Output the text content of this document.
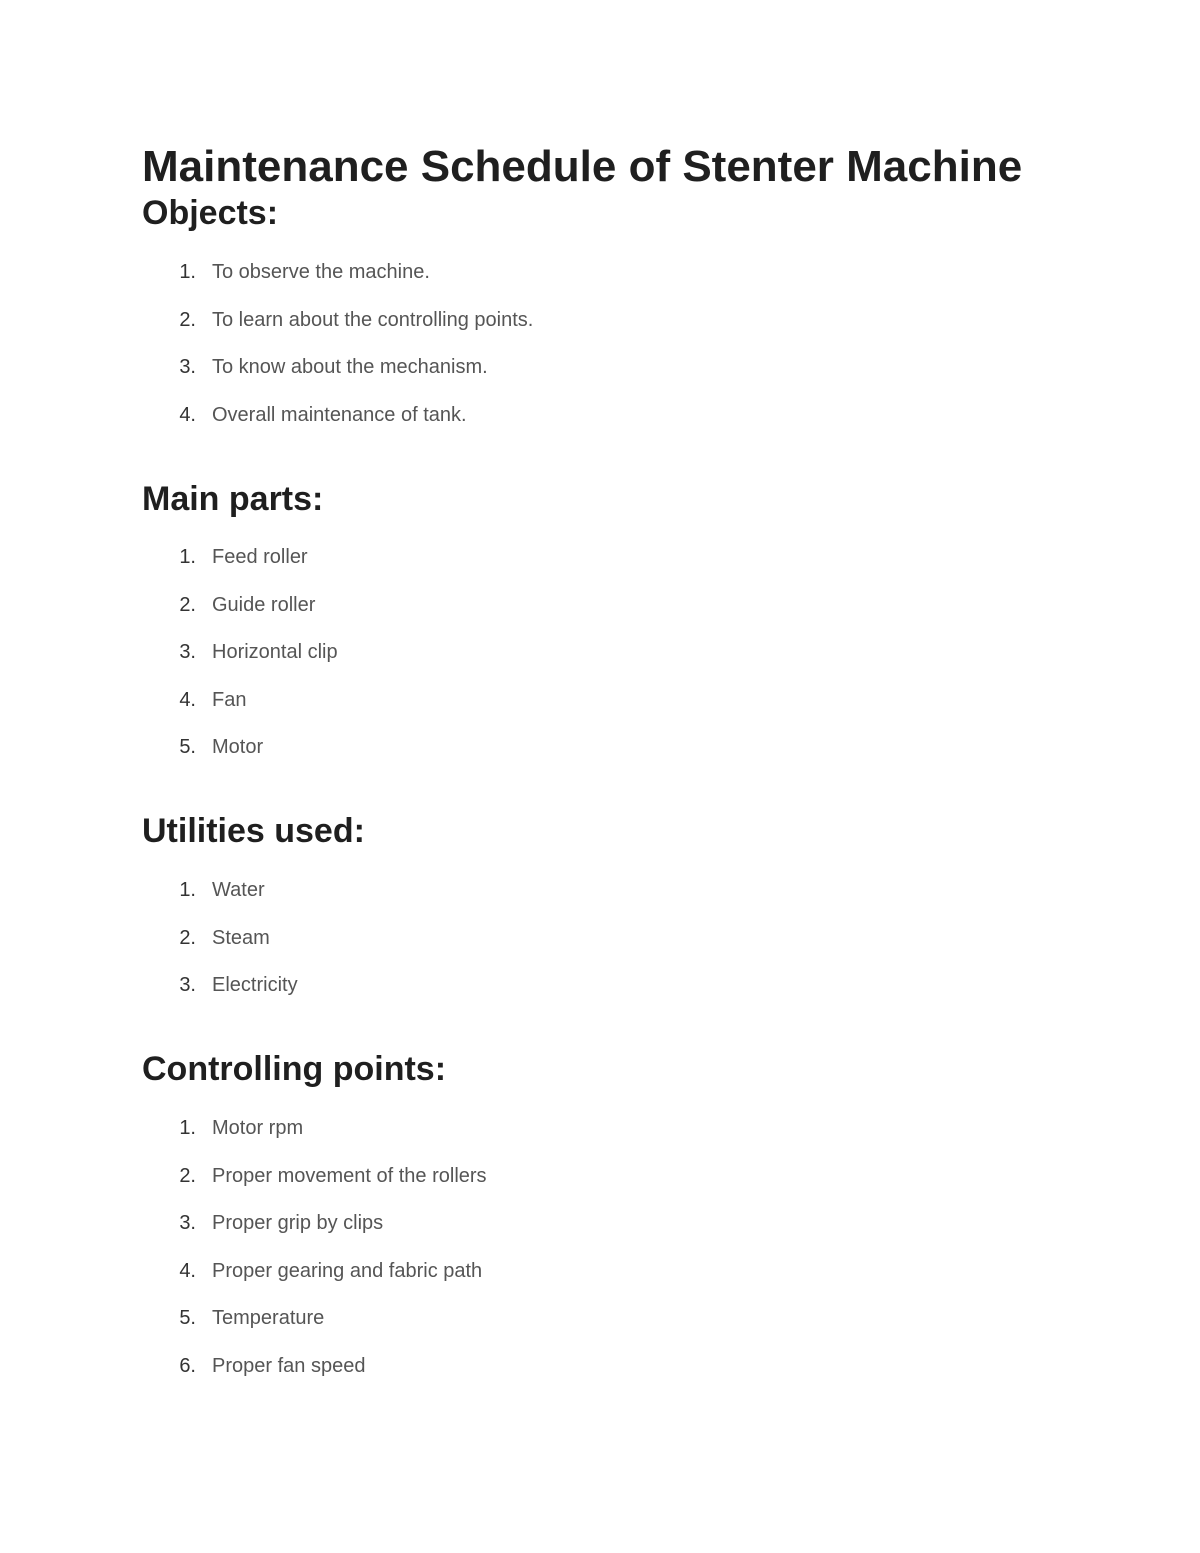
Maintenance Schedule of Stenter Machine
Objects:
1. To observe the machine.
2. To learn about the controlling points.
3. To know about the mechanism.
4. Overall maintenance of tank.
Main parts:
1. Feed roller
2. Guide roller
3. Horizontal clip
4. Fan
5. Motor
Utilities used:
1. Water
2. Steam
3. Electricity
Controlling points:
1. Motor rpm
2. Proper movement of the rollers
3. Proper grip by clips
4. Proper gearing and fabric path
5. Temperature
6. Proper fan speed
